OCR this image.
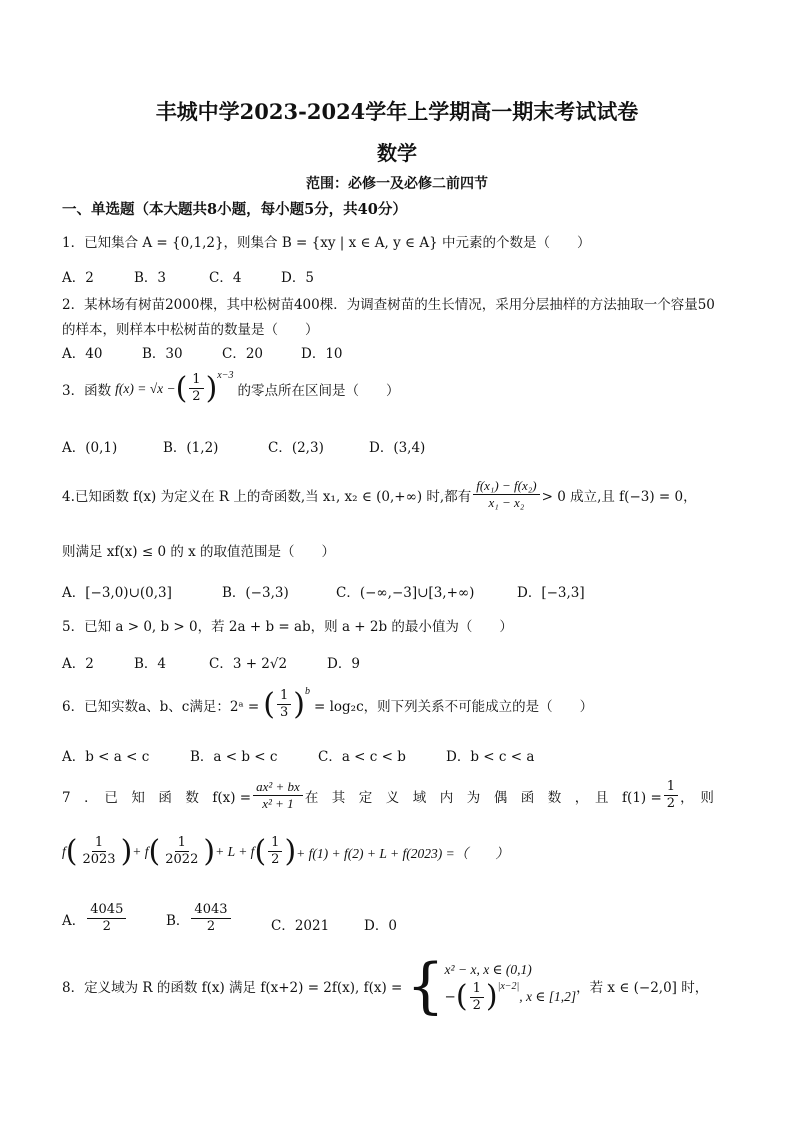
丰城中学2023-2024学年上学期高一期末考试试卷
数学
范围：必修一及必修二前四节
一、单选题（本大题共8小题，每小题5分，共40分）
1．已知集合 A = {0,1,2}，则集合 B = {xy | x ∈ A, y ∈ A} 中元素的个数是（　　）
A．2	B．3	C．4	D．5
2．某林场有树苗2000棵，其中松树苗400棵．为调查树苗的生长情况，采用分层抽样的方法抽取一个容量50
的样本，则样本中松树苗的数量是（　　）
A．40	B．30	C．20	D．10
3．函数 f(x) = √x − ( $\frac{1}{2}$ ) x−3
的零点所在区间是（　　）
A．(0,1)	B．(1,2)	C．(2,3)	D．(3,4)
4.已知函数 f(x) 为定义在 R 上的奇函数,当 x₁, x₂ ∈ (0,+∞) 时,都有 $\frac{\text{f(x₁) − f(x₂)}}{\text{x₁ − x₂}} > 0$ 成立,且 f(−3) = 0，
则满足 xf(x) ≤ 0 的 x 的取值范围是（　　）
A．[−3,0)∪(0,3]	B．(−3,3)	C．(−∞,−3]∪[3,+∞)	D．[−3,3]
5．已知 a > 0, b > 0，若 2a + b = ab，则 a + 2b 的最小值为（　　）
A．2	B．4	C．3 + 2√2	D．9
6．已知实数a、b、c满足：2ᵃ = ( $\frac{1}{3}$ ) b
= log₂c，则下列关系不可能成立的是（　　）
A．b < a < c	B．a < b < c	C．a < c < b	D．b < c < a
7　．　已　知　函　数　$f(x) = \frac{\text{ax² + bx}}{\text{x² + 1}}$ 在　其　定　义　域　内　为　偶　函　数　，　且　$f(1) = \frac{1}{2}$ ，　则
f ( $\frac{1}{2023}$ ) + f ( $\frac{1}{2022}$ ) + L + f ( $\frac{1}{2}$ ) + f(1) + f(2) + L + f(2023) =（　　）
A． $\frac{4045}{2}$	B． $\frac{4043}{2}$	C．2021	D．0
8．定义域为 R 的函数 f(x) 满足 f(x+2) = 2f(x), f(x) = { x² − x, x ∈ (0,1)
− ( $\frac{1}{2}$ ) |x−2|
, x ∈ [1,2]
，若 x ∈ (−2,0] 时，
